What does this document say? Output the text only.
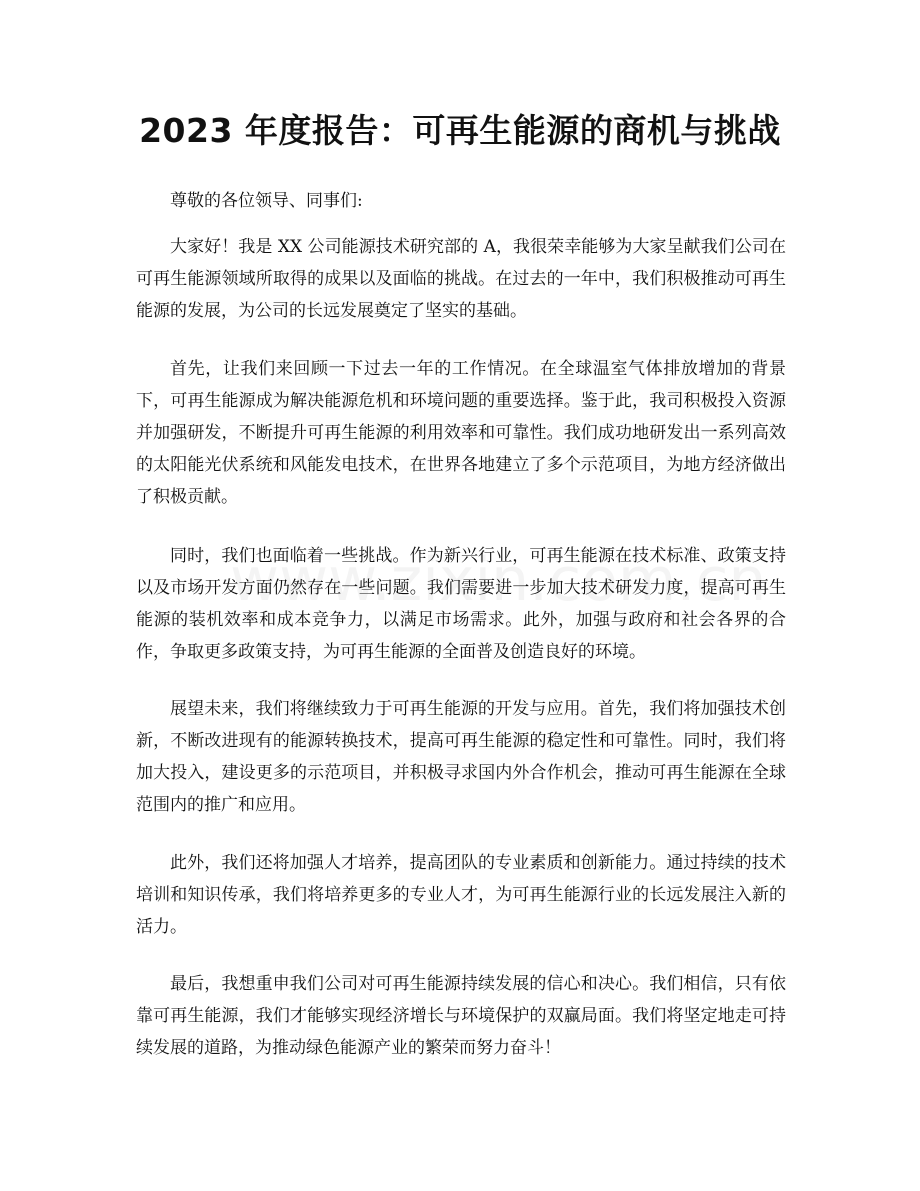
2023 年度报告：可再生能源的商机与挑战

尊敬的各位领导、同事们:

大家好！我是 XX 公司能源技术研究部的 A，我很荣幸能够为大家呈献我们公司在可再生能源领域所取得的成果以及面临的挑战。在过去的一年中，我们积极推动可再生能源的发展，为公司的长远发展奠定了坚实的基础。

首先，让我们来回顾一下过去一年的工作情况。在全球温室气体排放增加的背景下，可再生能源成为解决能源危机和环境问题的重要选择。鉴于此，我司积极投入资源并加强研发，不断提升可再生能源的利用效率和可靠性。我们成功地研发出一系列高效的太阳能光伏系统和风能发电技术，在世界各地建立了多个示范项目，为地方经济做出了积极贡献。

同时，我们也面临着一些挑战。作为新兴行业，可再生能源在技术标准、政策支持以及市场开发方面仍然存在一些问题。我们需要进一步加大技术研发力度，提高可再生能源的装机效率和成本竞争力，以满足市场需求。此外，加强与政府和社会各界的合作，争取更多政策支持，为可再生能源的全面普及创造良好的环境。

展望未来，我们将继续致力于可再生能源的开发与应用。首先，我们将加强技术创新，不断改进现有的能源转换技术，提高可再生能源的稳定性和可靠性。同时，我们将加大投入，建设更多的示范项目，并积极寻求国内外合作机会，推动可再生能源在全球范围内的推广和应用。

此外，我们还将加强人才培养，提高团队的专业素质和创新能力。通过持续的技术培训和知识传承，我们将培养更多的专业人才，为可再生能源行业的长远发展注入新的活力。

最后，我想重申我们公司对可再生能源持续发展的信心和决心。我们相信，只有依靠可再生能源，我们才能够实现经济增长与环境保护的双赢局面。我们将坚定地走可持续发展的道路，为推动绿色能源产业的繁荣而努力奋斗！
